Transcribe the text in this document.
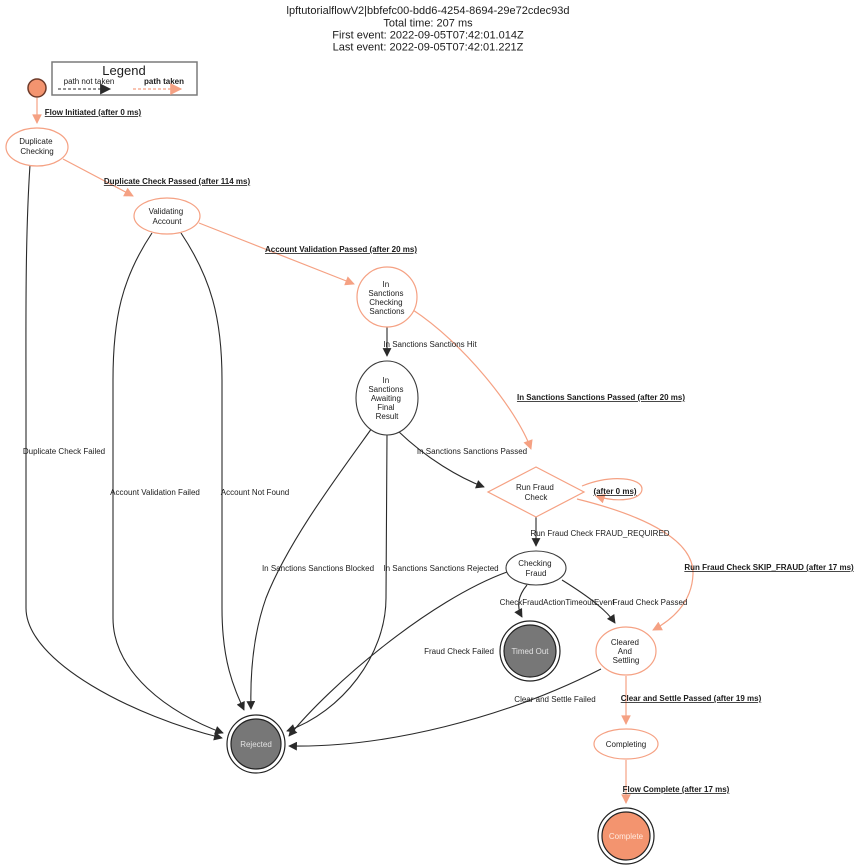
lpftutorialflowV2|bbfefc00-bdd6-4254-8694-29e72cdec93d
Total time: 207 ms
First event: 2022-09-05T07:42:01.014Z
Last event: 2022-09-05T07:42:01.221Z
Legend
path not taken	path taken
Flow Initiated (after 0 ms)
Duplicate Check Passed (after 114 ms)
Account Validation Passed (after 20 ms)
In Sanctions Sanctions Hit
In Sanctions Sanctions Passed (after 20 ms)
In Sanctions Sanctions Passed
(after 0 ms)
Run Fraud Check FRAUD_REQUIRED
Run Fraud Check SKIP_FRAUD (after 17 ms)
In Sanctions Sanctions Blocked In Sanctions Sanctions Rejected
CheckFraudActionTimeoutEvent
Fraud Check Passed
Fraud Check Failed
Clear and Settle Failed	Clear and Settle Passed (after 19 ms)
Flow Complete (after 17 ms)
Duplicate Check Failed
Account Validation Failed	Account Not Found
Duplicate Checking
Validating Account
In Sanctions Checking Sanctions
In Sanctions Awaiting Final Result
Run Fraud Check
Checking Fraud
Timed Out
Cleared And Settling
Rejected	Completing
Complete
